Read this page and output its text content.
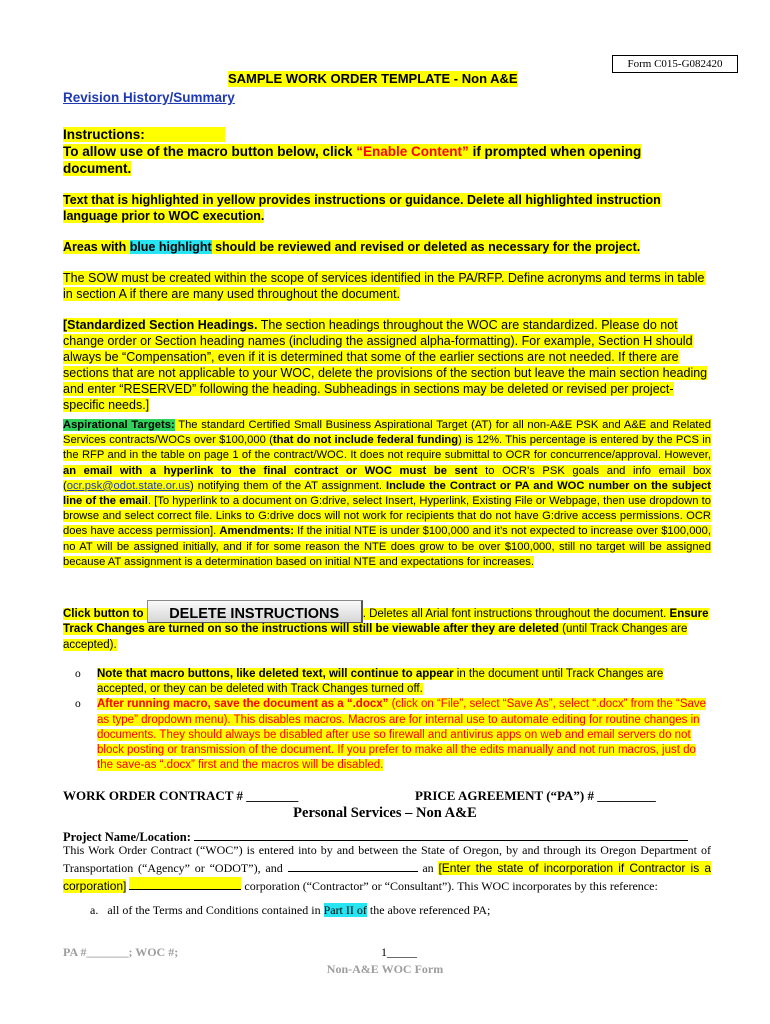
Form C015-G082420
SAMPLE WORK ORDER TEMPLATE - Non A&E
Revision History/Summary

Instructions:

To allow use of the macro button below, click “Enable Content” if prompted when opening document.

Text that is highlighted in yellow provides instructions or guidance. Delete all highlighted instruction language prior to WOC execution.
Areas with blue highlight should be reviewed and revised or deleted as necessary for the project.
The SOW must be created within the scope of services identified in the PA/RFP. Define acronyms and terms in table in section A if there are many used throughout the document.
[Standardized Section Headings. The section headings throughout the WOC are standardized. Please do not change order or Section heading names (including the assigned alpha-formatting). For example, Section H should always be “Compensation”, even if it is determined that some of the earlier sections are not needed. If there are sections that are not applicable to your WOC, delete the provisions of the section but leave the main section heading and enter “RESERVED” following the heading. Subheadings in sections may be deleted or revised per project-specific needs.]
Aspirational Targets: The standard Certified Small Business Aspirational Target (AT) for all non-A&E PSK and A&E and Related Services contracts/WOCs over $100,000 (that do not include federal funding) is 12%. This percentage is entered by the PCS in the RFP and in the table on page 1 of the contract/WOC. It does not require submittal to OCR for concurrence/approval. However, an email with a hyperlink to the final contract or WOC must be sent to OCR’s PSK goals and info email box (ocr.psk@odot.state.or.us) notifying them of the AT assignment. Include the Contract or PA and WOC number on the subject line of the email. [To hyperlink to a document on G:drive, select Insert, Hyperlink, Existing File or Webpage, then use dropdown to browse and select correct file. Links to G:drive docs will not work for recipients that do not have G:drive access permissions. OCR does have access permission]. Amendments: If the initial NTE is under $100,000 and it’s not expected to increase over $100,000, no AT will be assigned initially, and if for some reason the NTE does grow to be over $100,000, still no target will be assigned because AT assignment is a determination based on initial NTE and expectations for increases.
Click button to DELETE INSTRUCTIONS . Deletes all Arial font instructions throughout the document. Ensure Track Changes are turned on so the instructions will still be viewable after they are deleted (until Track Changes are accepted).
o Note that macro buttons, like deleted text, will continue to appear in the document until Track Changes are accepted, or they can be deleted with Track Changes turned off.
o After running macro, save the document as a “.docx” (click on “File”, select “Save As”, select “.docx” from the “Save as type” dropdown menu). This disables macros. Macros are for internal use to automate editing for routine changes in documents. They should always be disabled after use so firewall and antivirus apps on web and email servers do not block posting or transmission of the document. If you prefer to make all the edits manually and not run macros, just do the save-as “.docx” first and the macros will be disabled.
WORK ORDER CONTRACT # ________	PRICE AGREEMENT (“PA”) # _________
Personal Services – Non A&E
Project Name/Location:
This Work Order Contract (“WOC”) is entered into by and between the State of Oregon, by and through its Oregon Department of Transportation (“Agency” or “ODOT”), and	an [Enter the state of incorporation if Contractor is a corporation]	corporation (“Contractor” or “Consultant”). This WOC incorporates by this reference:
a. all of the Terms and Conditions contained in Part II of the above referenced PA;
PA #_______; WOC #;	1_____
Non-A&E WOC Form
